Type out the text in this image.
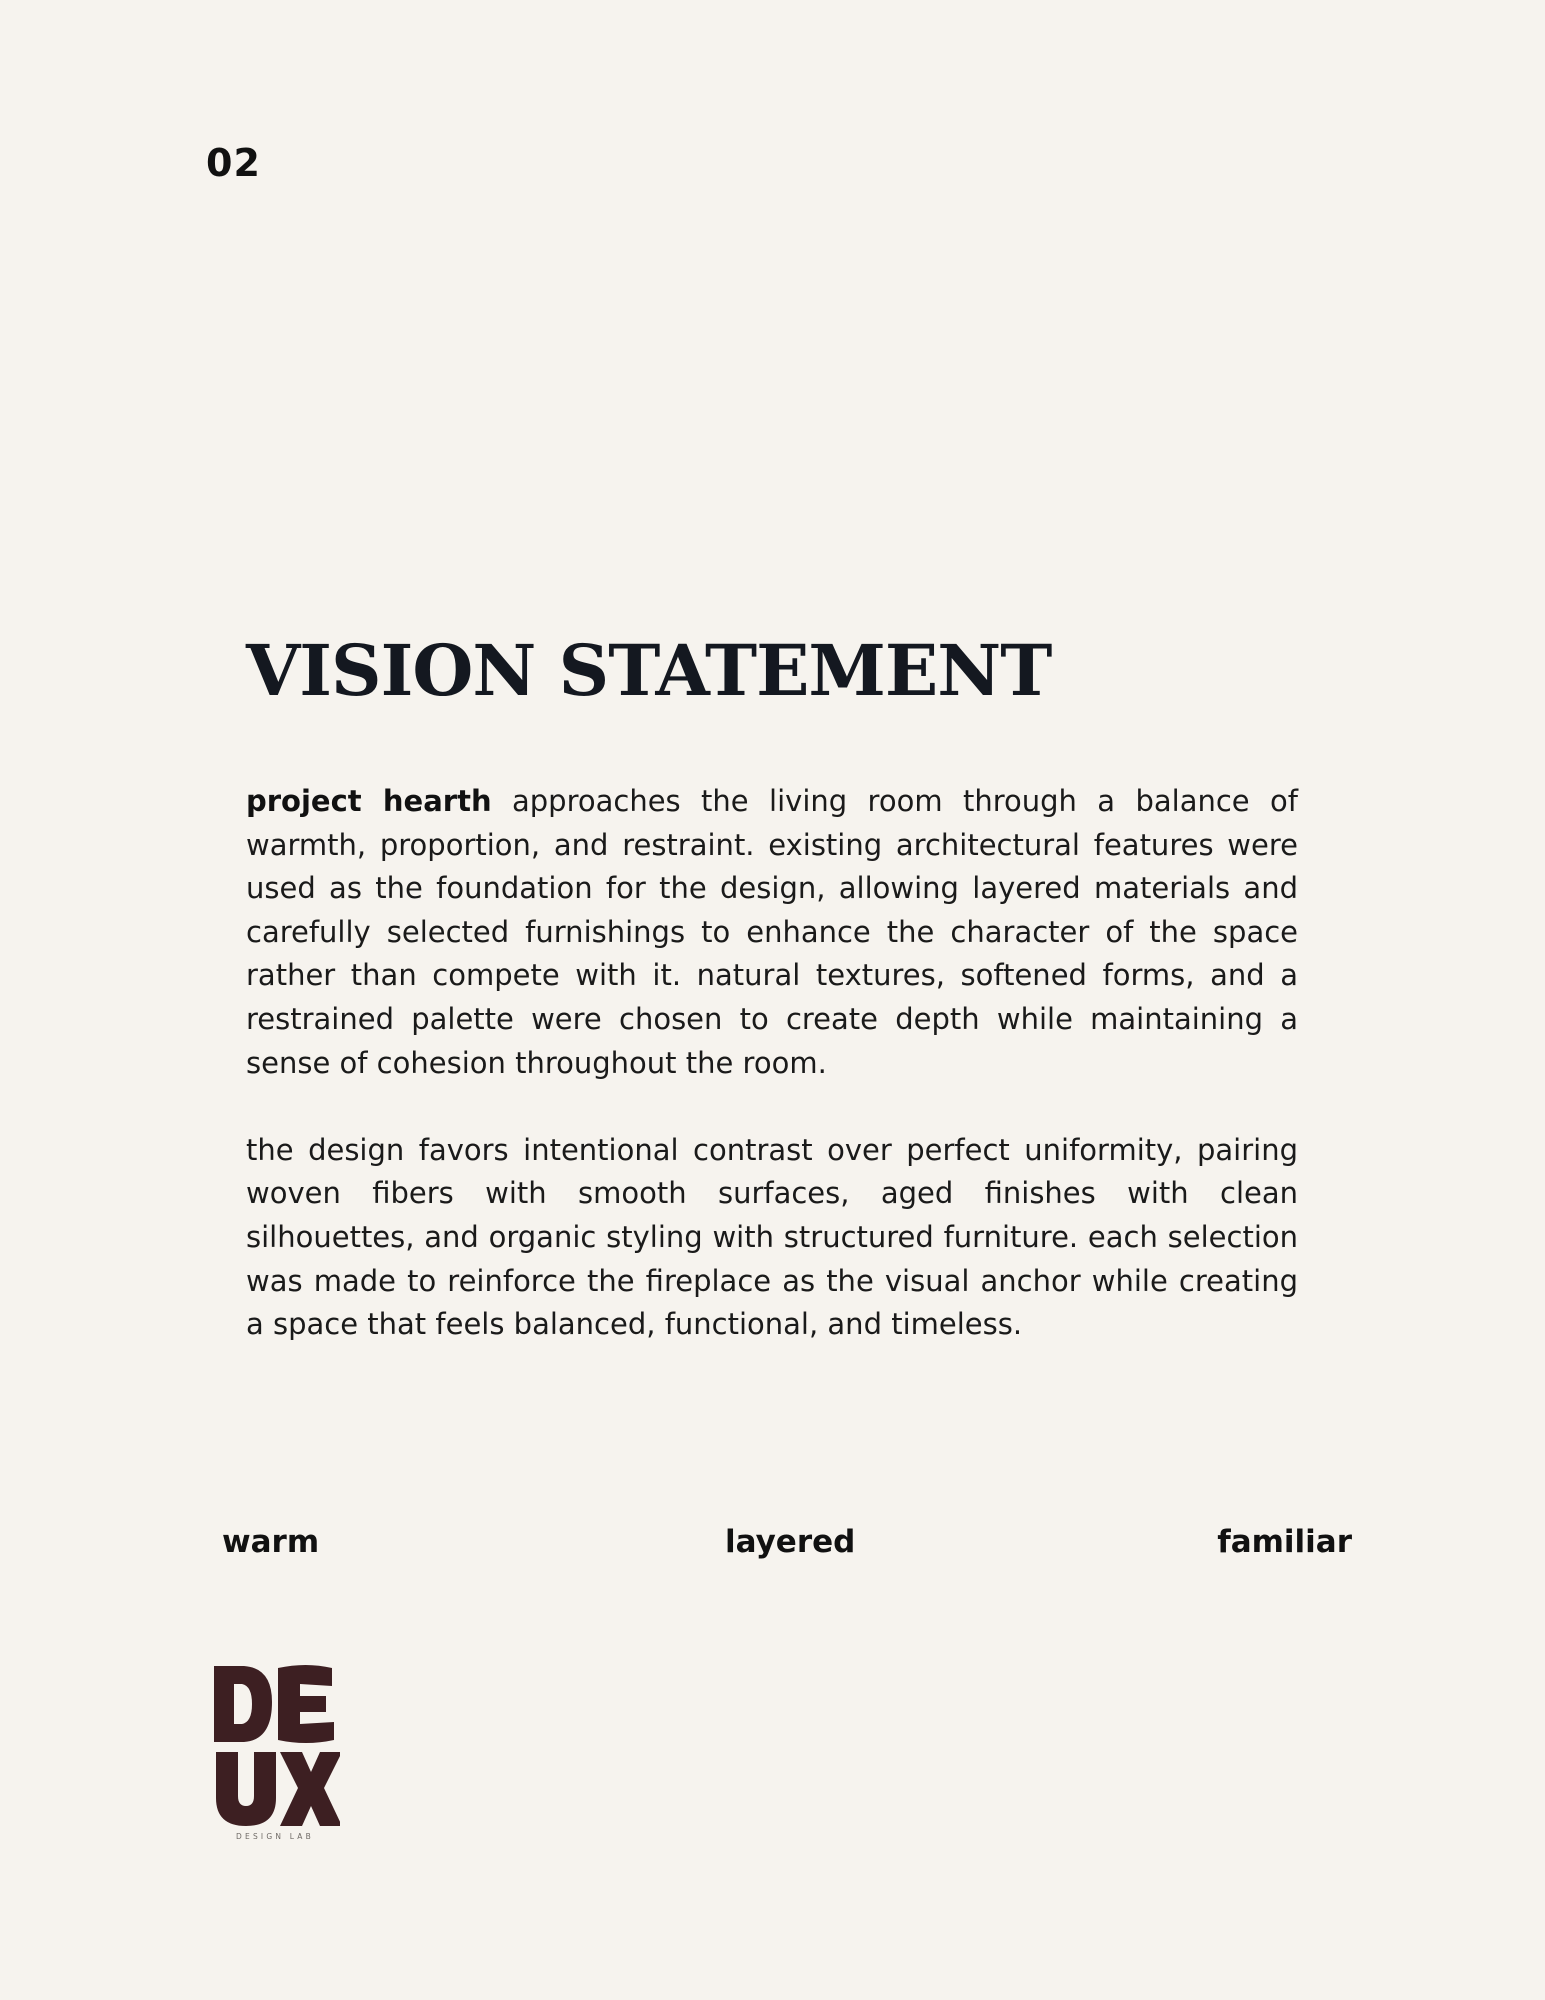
02
VISION STATEMENT

project hearth approaches the living room through a balance of warmth, proportion, and restraint. existing architectural features were used as the foundation for the design, allowing layered materials and carefully selected furnishings to enhance the character of the space rather than compete with it. natural textures, softened forms, and a restrained palette were chosen to create depth while maintaining a sense of cohesion throughout the room.

the design favors intentional contrast over perfect uniformity, pairing woven fibers with smooth surfaces, aged finishes with clean silhouettes, and organic styling with structured furniture. each selection was made to reinforce the fireplace as the visual anchor while creating a space that feels balanced, functional, and timeless.

warm	layered	familiar
DESIGN LAB
